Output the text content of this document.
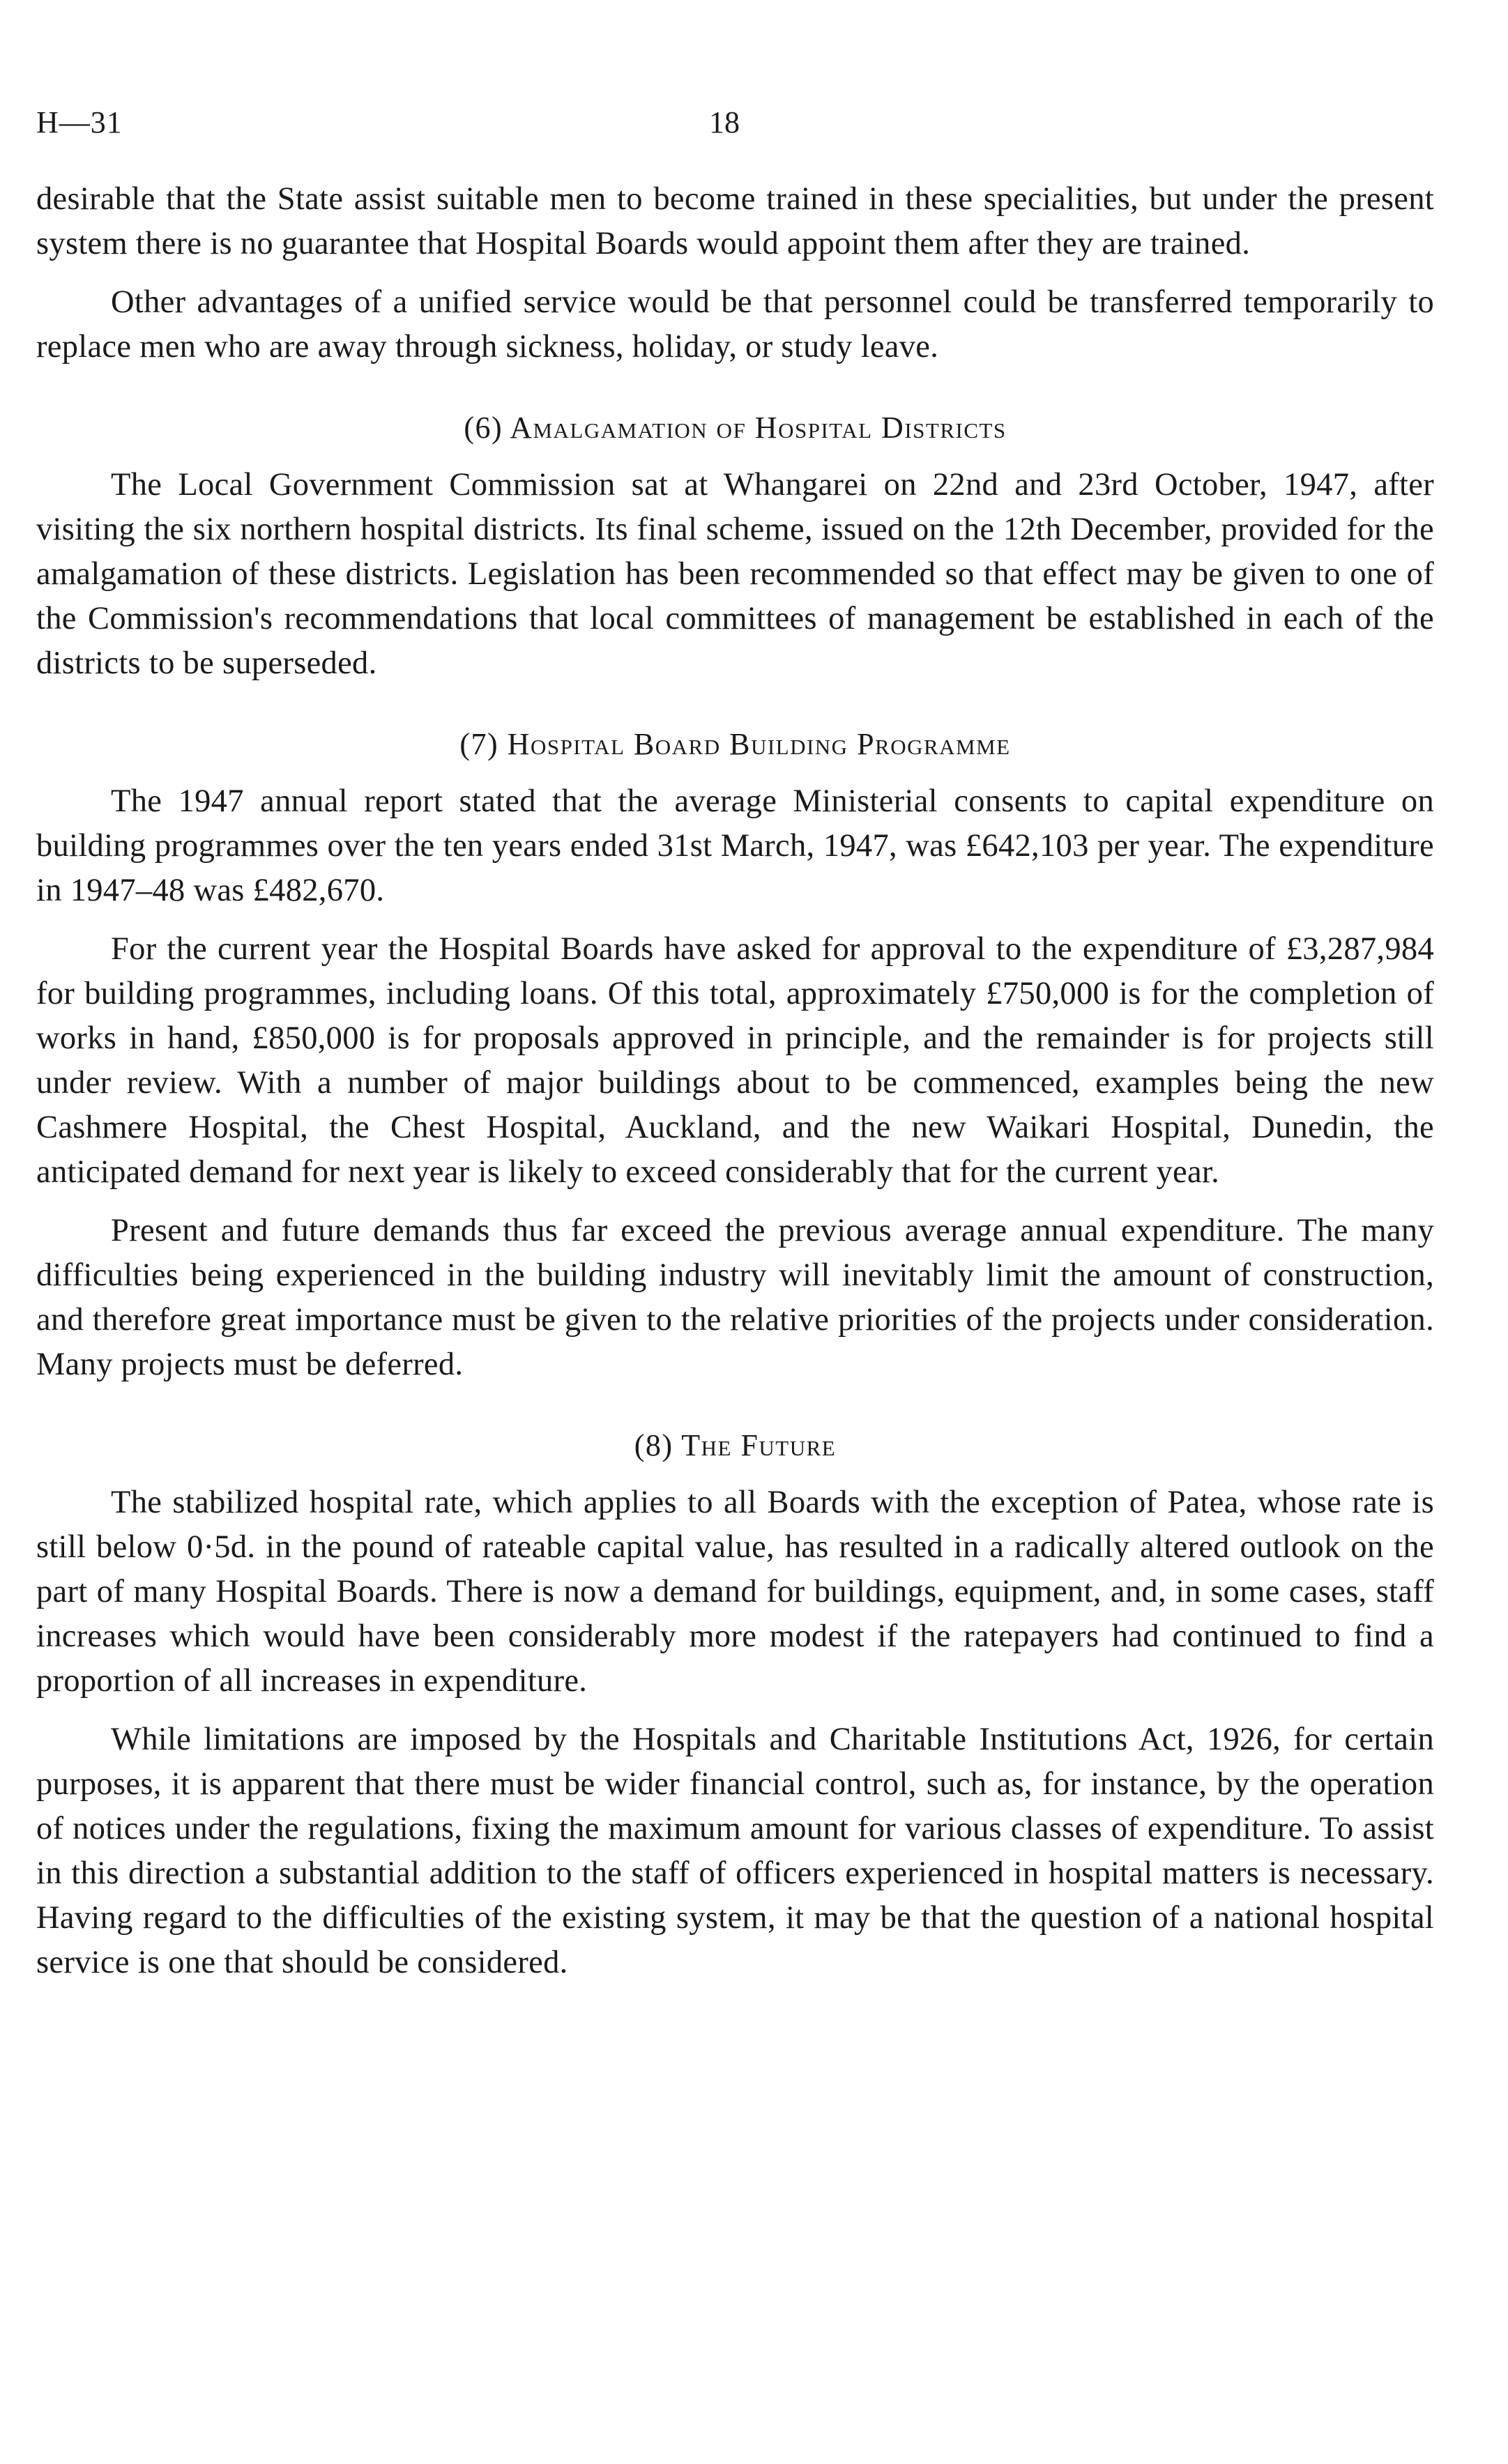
H—31	18

desirable that the State assist suitable men to become trained in these specialities, but under the present system there is no guarantee that Hospital Boards would appoint them after they are trained.

Other advantages of a unified service would be that personnel could be transferred temporarily to replace men who are away through sickness, holiday, or study leave.

(6) Amalgamation of Hospital Districts

The Local Government Commission sat at Whangarei on 22nd and 23rd October, 1947, after visiting the six northern hospital districts. Its final scheme, issued on the 12th December, provided for the amalgamation of these districts. Legislation has been recommended so that effect may be given to one of the Commission's recommendations that local committees of management be established in each of the districts to be superseded.

(7) Hospital Board Building Programme

The 1947 annual report stated that the average Ministerial consents to capital expenditure on building programmes over the ten years ended 31st March, 1947, was £642,103 per year. The expenditure in 1947–48 was £482,670.

For the current year the Hospital Boards have asked for approval to the expenditure of £3,287,984 for building programmes, including loans. Of this total, approximately £750,000 is for the completion of works in hand, £850,000 is for proposals approved in principle, and the remainder is for projects still under review. With a number of major buildings about to be commenced, examples being the new Cashmere Hospital, the Chest Hospital, Auckland, and the new Waikari Hospital, Dunedin, the anticipated demand for next year is likely to exceed considerably that for the current year.

Present and future demands thus far exceed the previous average annual expenditure. The many difficulties being experienced in the building industry will inevitably limit the amount of construction, and therefore great importance must be given to the relative priorities of the projects under consideration. Many projects must be deferred.

(8) The Future

The stabilized hospital rate, which applies to all Boards with the exception of Patea, whose rate is still below 0·5d. in the pound of rateable capital value, has resulted in a radically altered outlook on the part of many Hospital Boards. There is now a demand for buildings, equipment, and, in some cases, staff increases which would have been considerably more modest if the ratepayers had continued to find a proportion of all increases in expenditure.

While limitations are imposed by the Hospitals and Charitable Institutions Act, 1926, for certain purposes, it is apparent that there must be wider financial control, such as, for instance, by the operation of notices under the regulations, fixing the maximum amount for various classes of expenditure. To assist in this direction a substantial addition to the staff of officers experienced in hospital matters is necessary. Having regard to the difficulties of the existing system, it may be that the question of a national hospital service is one that should be considered.
